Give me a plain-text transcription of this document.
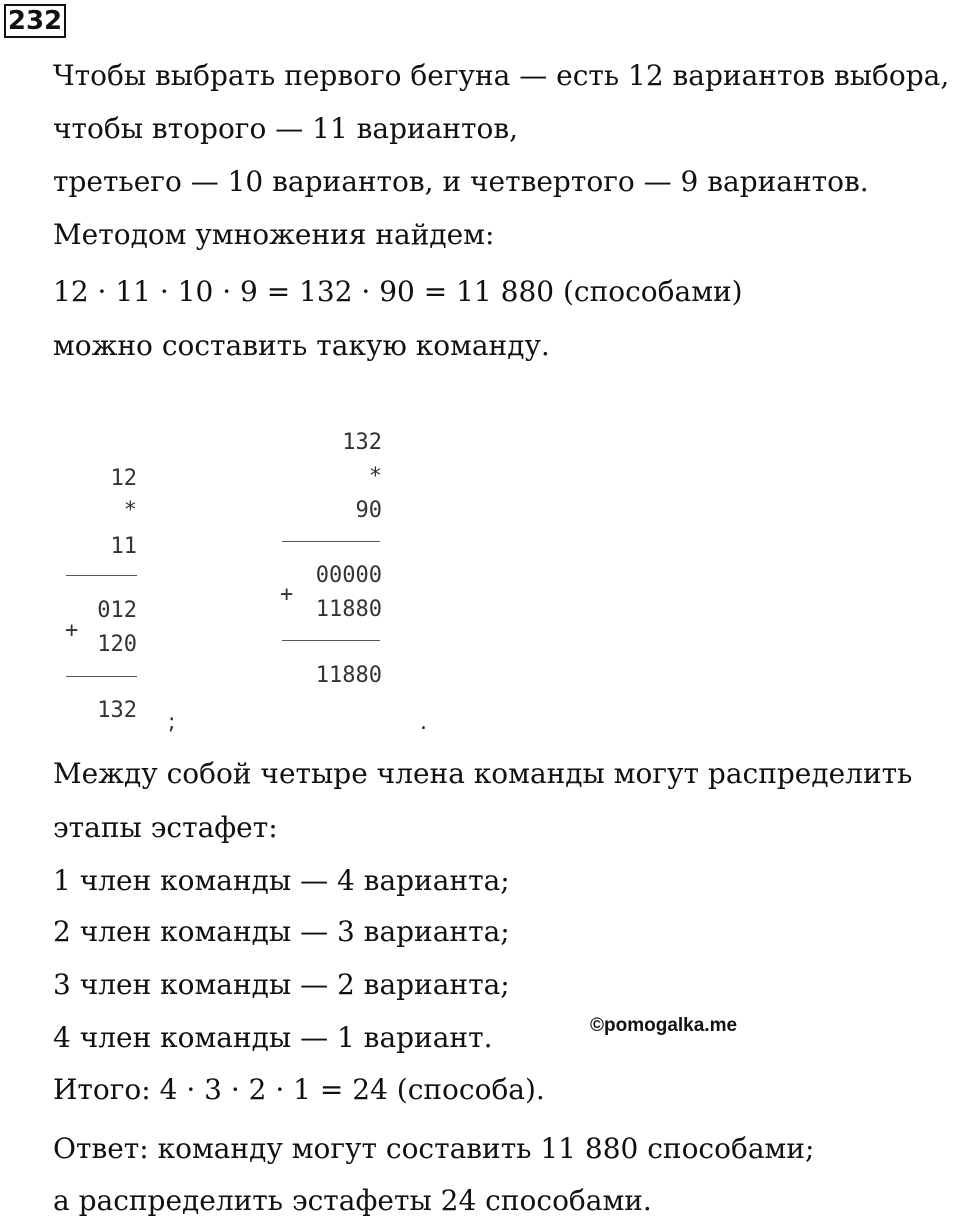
232
Чтобы выбрать первого бегуна — есть 12 вариантов выбора,
чтобы второго — 11 вариантов,
третьего — 10 вариантов, и четвертого — 9 вариантов.
Методом умножения найдем:
12 · 11 · 10 · 9 = 132 · 90 = 11 880 (способами)
можно составить такую команду.
12
*
11
012
+
120
132 ;
132
*
90
00000
+
11880
11880
.
Между собой четыре члена команды могут распределить
этапы эстафет:
1 член команды — 4 варианта;
2 член команды — 3 варианта;
3 член команды — 2 варианта;
4 член команды — 1 вариант.
Итого: 4 · 3 · 2 · 1 = 24 (способа).
Ответ: команду могут составить 11 880 способами;
а распределить эстафеты 24 способами.
©pomogalka.me
